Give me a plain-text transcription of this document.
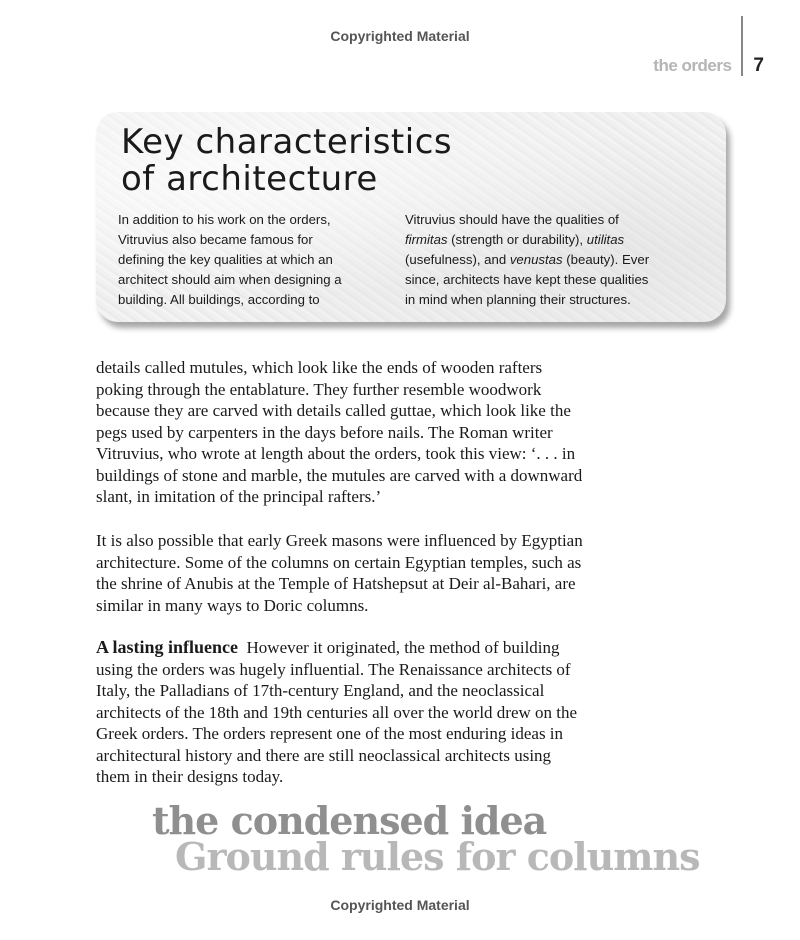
Copyrighted Material
the orders 7
Key characteristics
of architecture
In addition to his work on the orders,
Vitruvius also became famous for
defining the key qualities at which an
architect should aim when designing a
building. All buildings, according to
Vitruvius should have the qualities of
firmitas (strength or durability), utilitas
(usefulness), and venustas (beauty). Ever
since, architects have kept these qualities
in mind when planning their structures.
details called mutules, which look like the ends of wooden rafters
poking through the entablature. They further resemble woodwork
because they are carved with details called guttae, which look like the
pegs used by carpenters in the days before nails. The Roman writer
Vitruvius, who wrote at length about the orders, took this view: ‘. . . in
buildings of stone and marble, the mutules are carved with a downward
slant, in imitation of the principal rafters.’
It is also possible that early Greek masons were influenced by Egyptian
architecture. Some of the columns on certain Egyptian temples, such as
the shrine of Anubis at the Temple of Hatshepsut at Deir al-Bahari, are
similar in many ways to Doric columns.
A lasting influence  However it originated, the method of building
using the orders was hugely influential. The Renaissance architects of
Italy, the Palladians of 17th-century England, and the neoclassical
architects of the 18th and 19th centuries all over the world drew on the
Greek orders. The orders represent one of the most enduring ideas in
architectural history and there are still neoclassical architects using
them in their designs today.
the condensed idea
Ground rules for columns
Copyrighted Material
